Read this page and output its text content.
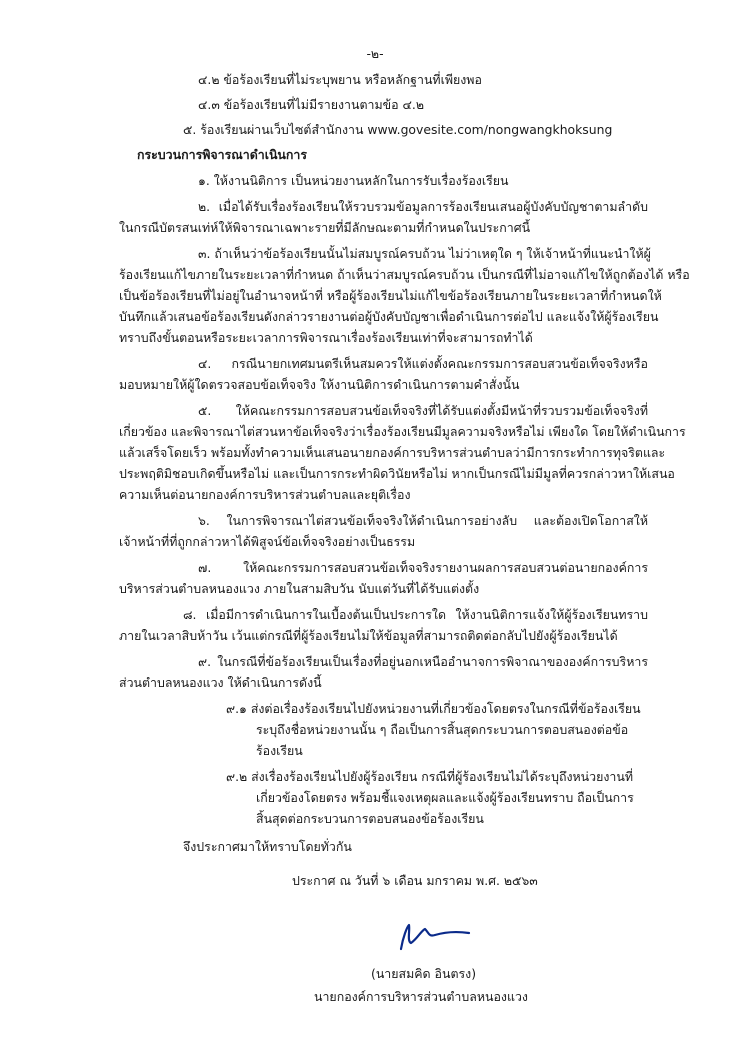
-๒-
๔.๒ ข้อร้องเรียนที่ไม่ระบุพยาน หรือหลักฐานที่เพียงพอ
๔.๓ ข้อร้องเรียนที่ไม่มีรายงานตามข้อ ๔.๒
๕. ร้องเรียนผ่านเว็บไซต์สำนักงาน www.govesite.com/nongwangkhoksung
กระบวนการพิจารณาดำเนินการ
๑. ให้งานนิติการ เป็นหน่วยงานหลักในการรับเรื่องร้องเรียน
๒. เมื่อได้รับเรื่องร้องเรียนให้รวบรวมข้อมูลการร้องเรียนเสนอผู้บังคับบัญชาตามลำดับ
ในกรณีบัตรสนเท่ห์ให้พิจารณาเฉพาะรายที่มีลักษณะตามที่กำหนดในประกาศนี้
๓. ถ้าเห็นว่าข้อร้องเรียนนั้นไม่สมบูรณ์ครบถ้วน ไม่ว่าเหตุใด ๆ ให้เจ้าหน้าที่แนะนำให้ผู้
ร้องเรียนแก้ไขภายในระยะเวลาที่กำหนด ถ้าเห็นว่าสมบูรณ์ครบถ้วน เป็นกรณีที่ไม่อาจแก้ไขให้ถูกต้องได้ หรือ
เป็นข้อร้องเรียนที่ไม่อยู่ในอำนาจหน้าที่ หรือผู้ร้องเรียนไม่แก้ไขข้อร้องเรียนภายในระยะเวลาที่กำหนดให้
บันทึกแล้วเสนอข้อร้องเรียนดังกล่าวรายงานต่อผู้บังคับบัญชาเพื่อดำเนินการต่อไป และแจ้งให้ผู้ร้องเรียน
ทราบถึงขั้นตอนหรือระยะเวลาการพิจารณาเรื่องร้องเรียนเท่าที่จะสามารถทำได้
๔. กรณีนายกเทศมนตรีเห็นสมควรให้แต่งตั้งคณะกรรมการสอบสวนข้อเท็จจริงหรือ
มอบหมายให้ผู้ใดตรวจสอบข้อเท็จจริง ให้งานนิติการดำเนินการตามคำสั่งนั้น
๕. ให้คณะกรรมการสอบสวนข้อเท็จจริงที่ได้รับแต่งตั้งมีหน้าที่รวบรวมข้อเท็จจริงที่
เกี่ยวข้อง และพิจารณาไต่สวนหาข้อเท็จจริงว่าเรื่องร้องเรียนมีมูลความจริงหรือไม่ เพียงใด โดยให้ดำเนินการ
แล้วเสร็จโดยเร็ว พร้อมทั้งทำความเห็นเสนอนายกองค์การบริหารส่วนตำบลว่ามีการกระทำการทุจริตและ
ประพฤติมิชอบเกิดขึ้นหรือไม่ และเป็นการกระทำผิดวินัยหรือไม่ หากเป็นกรณีไม่มีมูลที่ควรกล่าวหาให้เสนอ
ความเห็นต่อนายกองค์การบริหารส่วนตำบลและยุติเรื่อง
๖. ในการพิจารณาไต่สวนข้อเท็จจริงให้ดำเนินการอย่างลับ และต้องเปิดโอกาสให้
เจ้าหน้าที่ที่ถูกกล่าวหาได้พิสูจน์ข้อเท็จจริงอย่างเป็นธรรม
๗. ให้คณะกรรมการสอบสวนข้อเท็จจริงรายงานผลการสอบสวนต่อนายกองค์การ
บริหารส่วนตำบลหนองแวง ภายในสามสิบวัน นับแต่วันที่ได้รับแต่งตั้ง
๘. เมื่อมีการดำเนินการในเบื้องต้นเป็นประการใด ให้งานนิติการแจ้งให้ผู้ร้องเรียนทราบ
ภายในเวลาสิบห้าวัน เว้นแต่กรณีที่ผู้ร้องเรียนไม่ให้ข้อมูลที่สามารถติดต่อกลับไปยังผู้ร้องเรียนได้
๙. ในกรณีที่ข้อร้องเรียนเป็นเรื่องที่อยู่นอกเหนืออำนาจการพิจาณาขององค์การบริหาร
ส่วนตำบลหนองแวง ให้ดำเนินการดังนี้
๙.๑ ส่งต่อเรื่องร้องเรียนไปยังหน่วยงานที่เกี่ยวข้องโดยตรงในกรณีที่ข้อร้องเรียน
ระบุถึงชื่อหน่วยงานนั้น ๆ ถือเป็นการสิ้นสุดกระบวนการตอบสนองต่อข้อ
ร้องเรียน
๙.๒ ส่งเรื่องร้องเรียนไปยังผู้ร้องเรียน กรณีที่ผู้ร้องเรียนไม่ได้ระบุถึงหน่วยงานที่
เกี่ยวข้องโดยตรง พร้อมชี้แจงเหตุผลและแจ้งผู้ร้องเรียนทราบ ถือเป็นการ
สิ้นสุดต่อกระบวนการตอบสนองข้อร้องเรียน
จึงประกาศมาให้ทราบโดยทั่วกัน
ประกาศ ณ วันที่ ๖ เดือน มกราคม พ.ศ. ๒๕๖๓
(นายสมคิด อินตรง)
นายกองค์การบริหารส่วนตำบลหนองแวง
